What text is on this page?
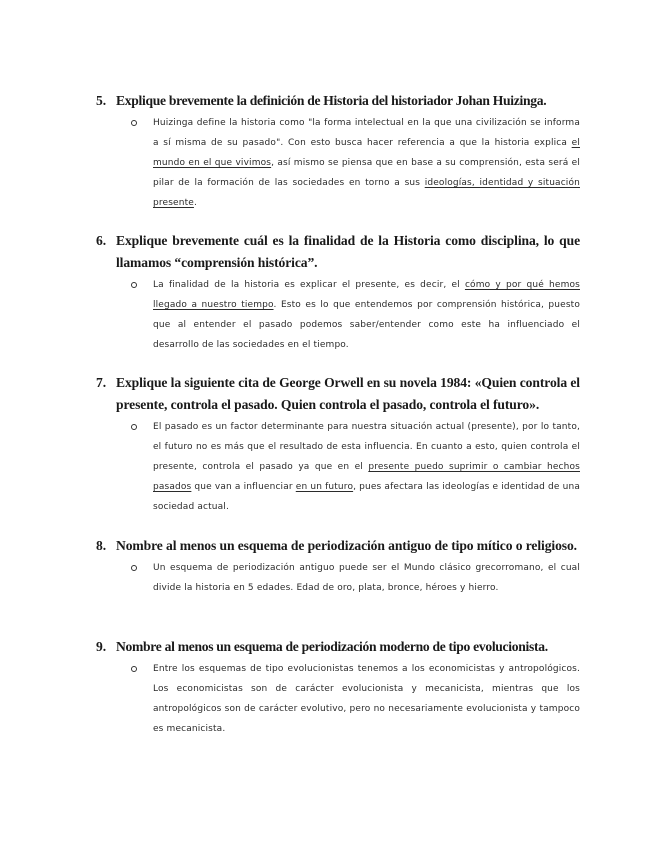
5. Explique brevemente la definición de Historia del historiador Johan Huizinga.
Huizinga define la historia como "la forma intelectual en la que una civilización se informa a sí misma de su pasado". Con esto busca hacer referencia a que la historia explica el mundo en el que vivimos, así mismo se piensa que en base a su comprensión, esta será el pilar de la formación de las sociedades en torno a sus ideologías, identidad y situación presente.
6. Explique brevemente cuál es la finalidad de la Historia como disciplina, lo que llamamos “comprensión histórica”.
La finalidad de la historia es explicar el presente, es decir, el cómo y por qué hemos llegado a nuestro tiempo. Esto es lo que entendemos por comprensión histórica, puesto que al entender el pasado podemos saber/entender como este ha influenciado el desarrollo de las sociedades en el tiempo.
7. Explique la siguiente cita de George Orwell en su novela 1984: «Quien controla el presente, controla el pasado. Quien controla el pasado, controla el futuro».
El pasado es un factor determinante para nuestra situación actual (presente), por lo tanto, el futuro no es más que el resultado de esta influencia. En cuanto a esto, quien controla el presente, controla el pasado ya que en el presente puedo suprimir o cambiar hechos pasados que van a influenciar en un futuro, pues afectara las ideologías e identidad de una sociedad actual.
8. Nombre al menos un esquema de periodización antiguo de tipo mítico o religioso.
Un esquema de periodización antiguo puede ser el Mundo clásico grecorromano, el cual divide la historia en 5 edades. Edad de oro, plata, bronce, héroes y hierro.
9. Nombre al menos un esquema de periodización moderno de tipo evolucionista.
Entre los esquemas de tipo evolucionistas tenemos a los economicistas y antropológicos. Los economicistas son de carácter evolucionista y mecanicista, mientras que los antropológicos son de carácter evolutivo, pero no necesariamente evolucionista y tampoco es mecanicista.
